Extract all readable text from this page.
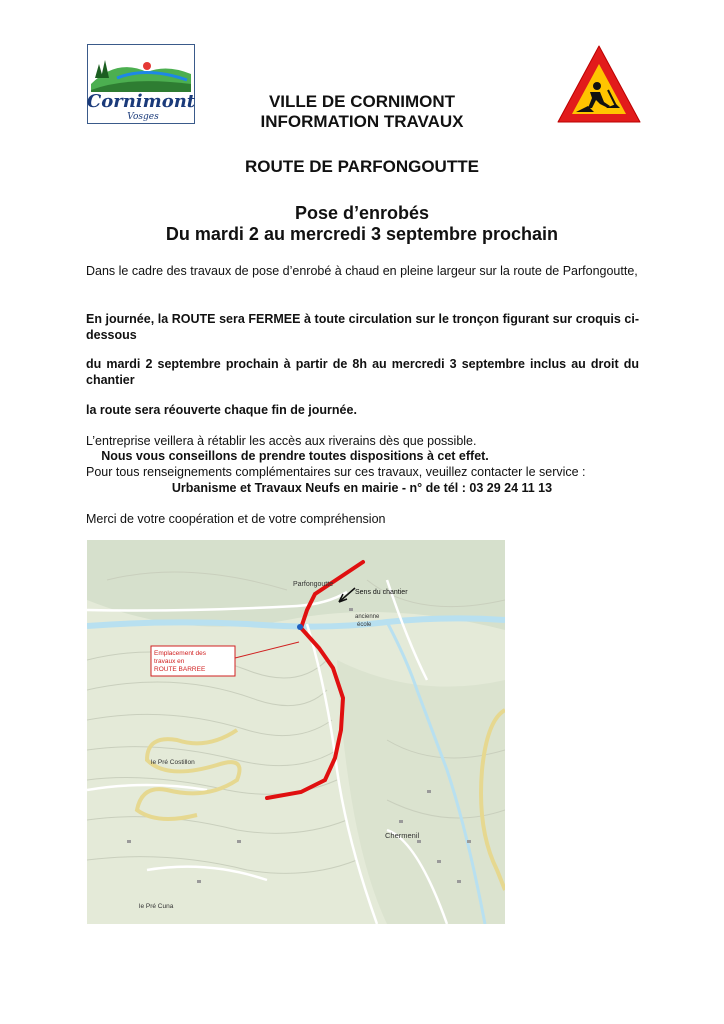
Cornimont
Vosges
VILLE DE CORNIMONT
INFORMATION TRAVAUX
ROUTE DE PARFONGOUTTE
Pose d’enrobés
Du mardi 2 au mercredi 3 septembre prochain
Dans le cadre des travaux de pose d’enrobé à chaud en pleine largeur sur la route de Parfongoutte,
En journée, la ROUTE sera FERMEE à toute circulation sur le tronçon figurant sur croquis ci-dessous
du mardi 2 septembre prochain à partir de 8h au mercredi 3 septembre inclus au droit du chantier
la route sera réouverte chaque fin de journée.
L’entreprise veillera à rétablir les accès aux riverains dès que possible.
Nous vous conseillons de prendre toutes dispositions à cet effet.
Pour tous renseignements complémentaires sur ces travaux, veuillez contacter le service :
Urbanisme et Travaux Neufs en mairie - n° de tél : 03 29 24 11 13
Merci de votre coopération et de votre compréhension
Emplacement des
travaux en
ROUTE BARREE
Parfongoutte
Sens du chantier
ancienne
école
le Pré Costillon
Chermenil
le Pré Cuna
